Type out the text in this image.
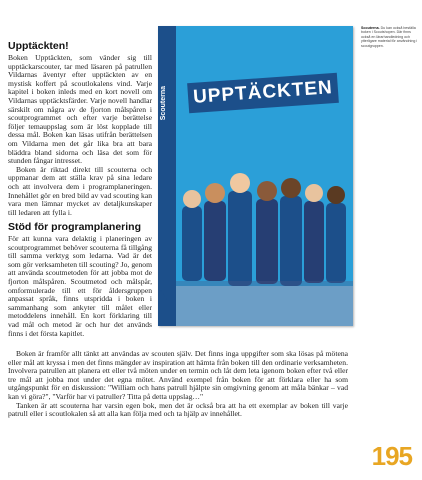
Upptäckten!

Boken Upptäckten, som vänder sig till upptäckarscouter, tar med läsaren på patrullen Vildarnas äventyr efter upptäckten av en mystisk koffert på scoutlokalens vind. Varje kapitel i boken inleds med en kort novell om Vildarnas upptäcktsfärder. Varje novell handlar särskilt om några av de fjorton målspåren i scoutprogrammet och efter varje berättelse följer temauppslag som är löst kopplade till dessa mål. Boken kan läsas utifrån berättelsen om Vildarna men det går lika bra att bara bläddra bland sidorna och läsa det som för stunden fångar intresset.

Boken är riktad direkt till scouterna och uppmanar dem att ställa krav på sina ledare och att involvera dem i programplaneringen. Innehållet gör en bred bild av vad scouting kan vara men lämnar mycket av detaljkunskaper till ledaren att fylla i.

Stöd för programplanering

För att kunna vara delaktig i planeringen av scoutprogrammet behöver scouterna få tillgång till samma verktyg som ledarna. Vad är det som gör verksamheten till scouting? Jo, genom att använda scoutmetoden för att jobba mot de fjorton målspåren. Scoutmetod och målspår, omformulerade till ett för åldersgruppen anpassat språk, finns utspridda i boken i sammanhang som ankyter till målet eller metoddelens innehåll. En kort förklaring till vad mål och metod är och hur det används finns i det första kapitlet.

Boken är framför allt tänkt att användas av scouten själv. Det finns inga uppgifter som ska lösas på mötena eller mål att kryssa i men det finns mängder av inspiration att hämta från boken till den ordinarie verksamheten. Involvera patrullen att planera ett eller två möten under en termin och låt dem leta igenom boken efter två eller tre mål att jobba mot under det egna mötet. Använd exempel från boken för att förklara eller ha som utgångspunkt för en diskussion: "William och hans patrull hjälpte sin omgivning genom att måla bänkar – vad kan vi göra?", "Varför har vi patruller? Titta på detta uppslag…"

Tanken är att scouterna har varsin egen bok, men det är också bra att ha ett exemplar av boken till varje patrull eller i scoutlokalen så att alla kan följa med och ta hjälp av innehållet.

Scouterna	UPPTÄCKTEN
Scouterna. Du kan också beställa boken i Scoutshopen. Där finns också en lärarhandledning och ytterligare material för användning i scoutgruppen.
195
